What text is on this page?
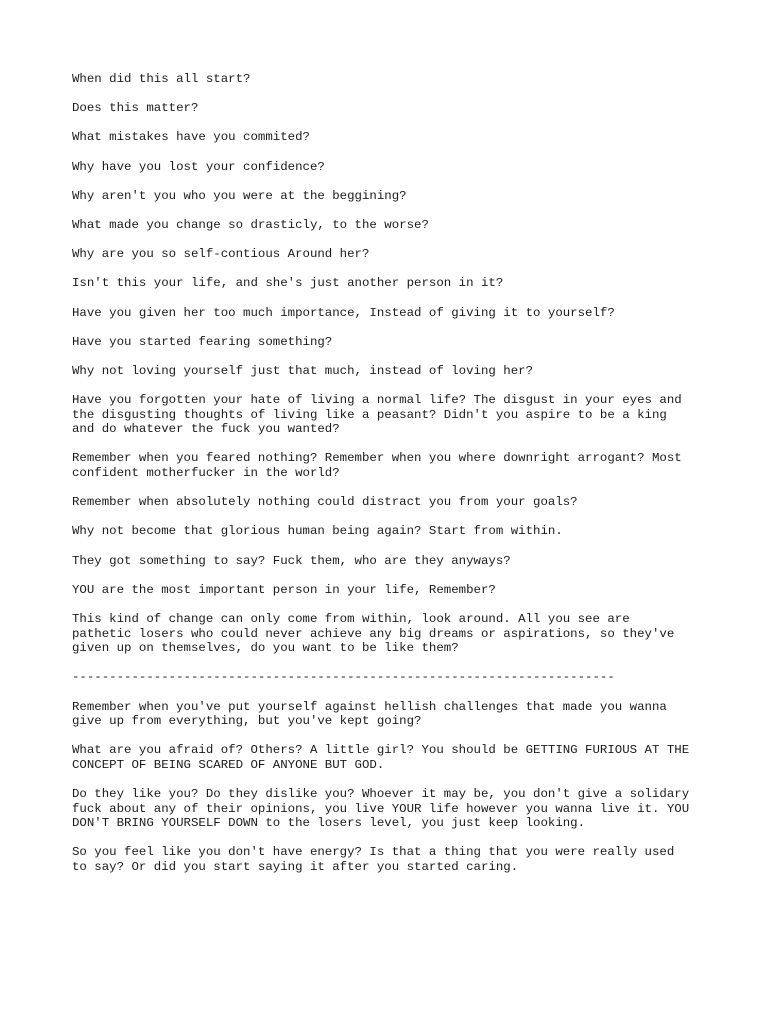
When did this all start?

Does this matter?

What mistakes have you commited?

Why have you lost your confidence?

Why aren't you who you were at the beggining?

What made you change so drasticly, to the worse?

Why are you so self-contious Around her?

Isn't this your life, and she's just another person in it?

Have you given her too much importance, Instead of giving it to yourself?

Have you started fearing something?

Why not loving yourself just that much, instead of loving her?

Have you forgotten your hate of living a normal life? The disgust in your eyes and
the disgusting thoughts of living like a peasant? Didn't you aspire to be a king
and do whatever the fuck you wanted?

Remember when you feared nothing? Remember when you where downright arrogant? Most
confident motherfucker in the world?

Remember when absolutely nothing could distract you from your goals?

Why not become that glorious human being again? Start from within.

They got something to say? Fuck them, who are they anyways?

YOU are the most important person in your life, Remember?

This kind of change can only come from within, look around. All you see are
pathetic losers who could never achieve any big dreams or aspirations, so they've
given up on themselves, do you want to be like them?

-------------------------------------------------------------------------

Remember when you've put yourself against hellish challenges that made you wanna
give up from everything, but you've kept going?

What are you afraid of? Others? A little girl? You should be GETTING FURIOUS AT THE
CONCEPT OF BEING SCARED OF ANYONE BUT GOD.

Do they like you? Do they dislike you? Whoever it may be, you don't give a solidary
fuck about any of their opinions, you live YOUR life however you wanna live it. YOU
DON'T BRING YOURSELF DOWN to the losers level, you just keep looking.

So you feel like you don't have energy? Is that a thing that you were really used
to say? Or did you start saying it after you started caring.
